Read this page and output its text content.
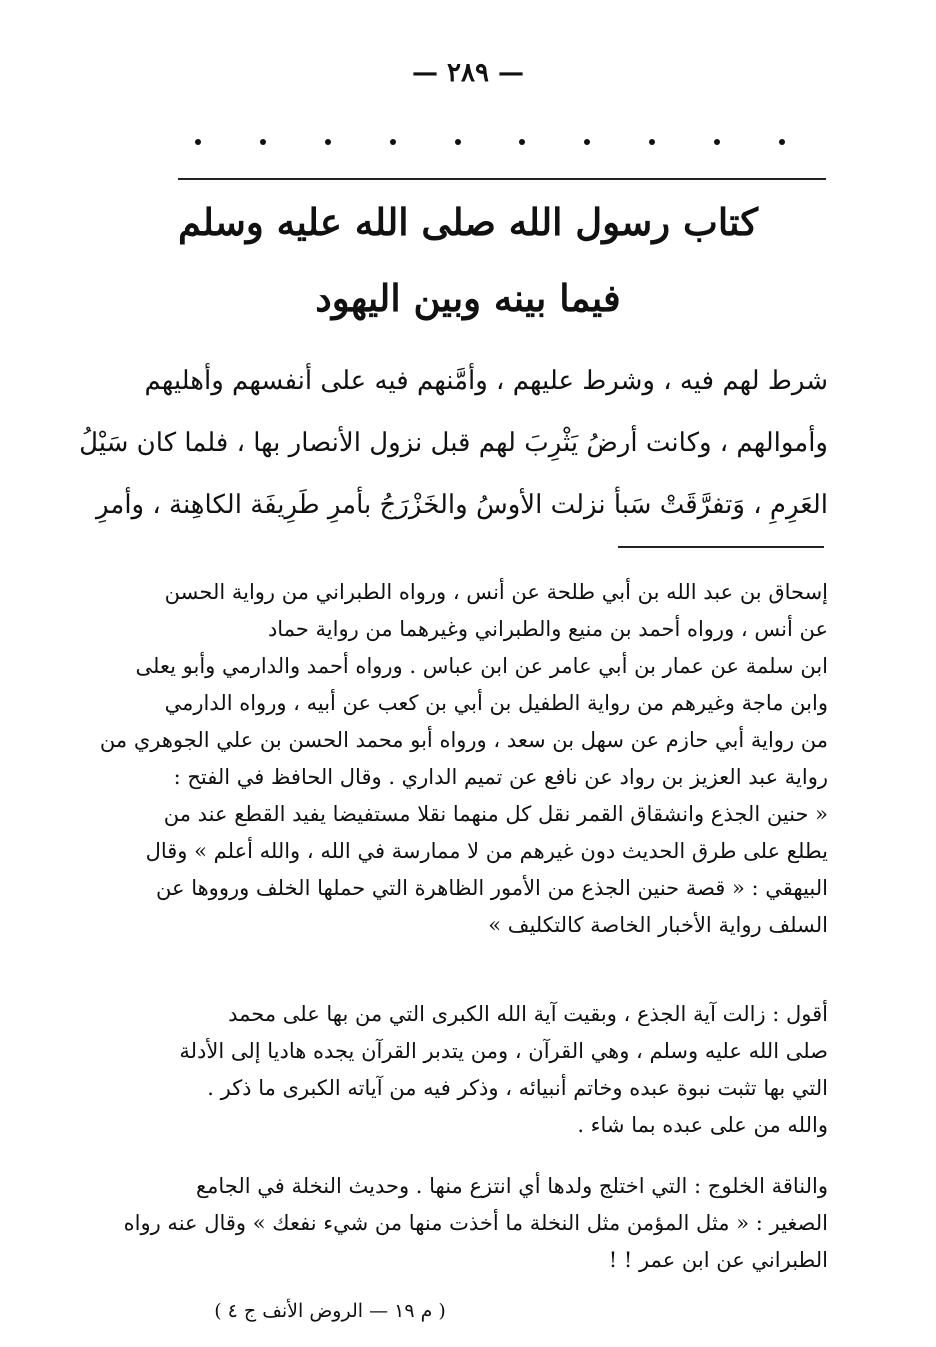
— ٢٨٩ —
كتاب رسول الله صلى الله عليه وسلم
فيما بينه وبين اليهود
شرط لهم فيه ، وشرط عليهم ، وأمَّنهم فيه على أنفسهم وأهليهم
وأموالهم ، وكانت أرضُ يَثْرِبَ لهم قبل نزول الأنصار بها ، فلما كان سَيْلُ
العَرِمِ ، وَتفرَّقَتْ سَبأ نزلت الأوسُ والخَزْرَجُ بأمرِ طَرِيفَة الكاهِنة ، وأمرِ
إسحاق بن عبد الله بن أبي طلحة عن أنس ، ورواه الطبراني من رواية الحسن
عن أنس ، ورواه أحمد بن منيع والطبراني وغيرهما من رواية حماد
ابن سلمة عن عمار بن أبي عامر عن ابن عباس . ورواه أحمد والدارمي وأبو يعلى
وابن ماجة وغيرهم من رواية الطفيل بن أبي بن كعب عن أبيه ، ورواه الدارمي
من رواية أبي حازم عن سهل بن سعد ، ورواه أبو محمد الحسن بن علي الجوهري من
رواية عبد العزيز بن رواد عن نافع عن تميم الداري . وقال الحافظ في الفتح :
« حنين الجذع وانشقاق القمر نقل كل منهما نقلا مستفيضا يفيد القطع عند من
يطلع على طرق الحديث دون غيرهم من لا ممارسة في الله ، والله أعلم » وقال
البيهقي : « قصة حنين الجذع من الأمور الظاهرة التي حملها الخلف ورووها عن
السلف رواية الأخبار الخاصة كالتكليف »
أقول : زالت آية الجذع ، وبقيت آية الله الكبرى التي من بها على محمد
صلى الله عليه وسلم ، وهي القرآن ، ومن يتدبر القرآن يجده هاديا إلى الأدلة
التي بها تثبت نبوة عبده وخاتم أنبيائه ، وذكر فيه من آياته الكبرى ما ذكر .
والله من على عبده بما شاء .
والناقة الخلوج : التي اختلج ولدها أي انتزع منها . وحديث النخلة في الجامع
الصغير : « مثل المؤمن مثل النخلة ما أخذت منها من شيء نفعك » وقال عنه رواه
الطبراني عن ابن عمر ! !
( م ١٩ — الروض الأنف ج ٤ )
